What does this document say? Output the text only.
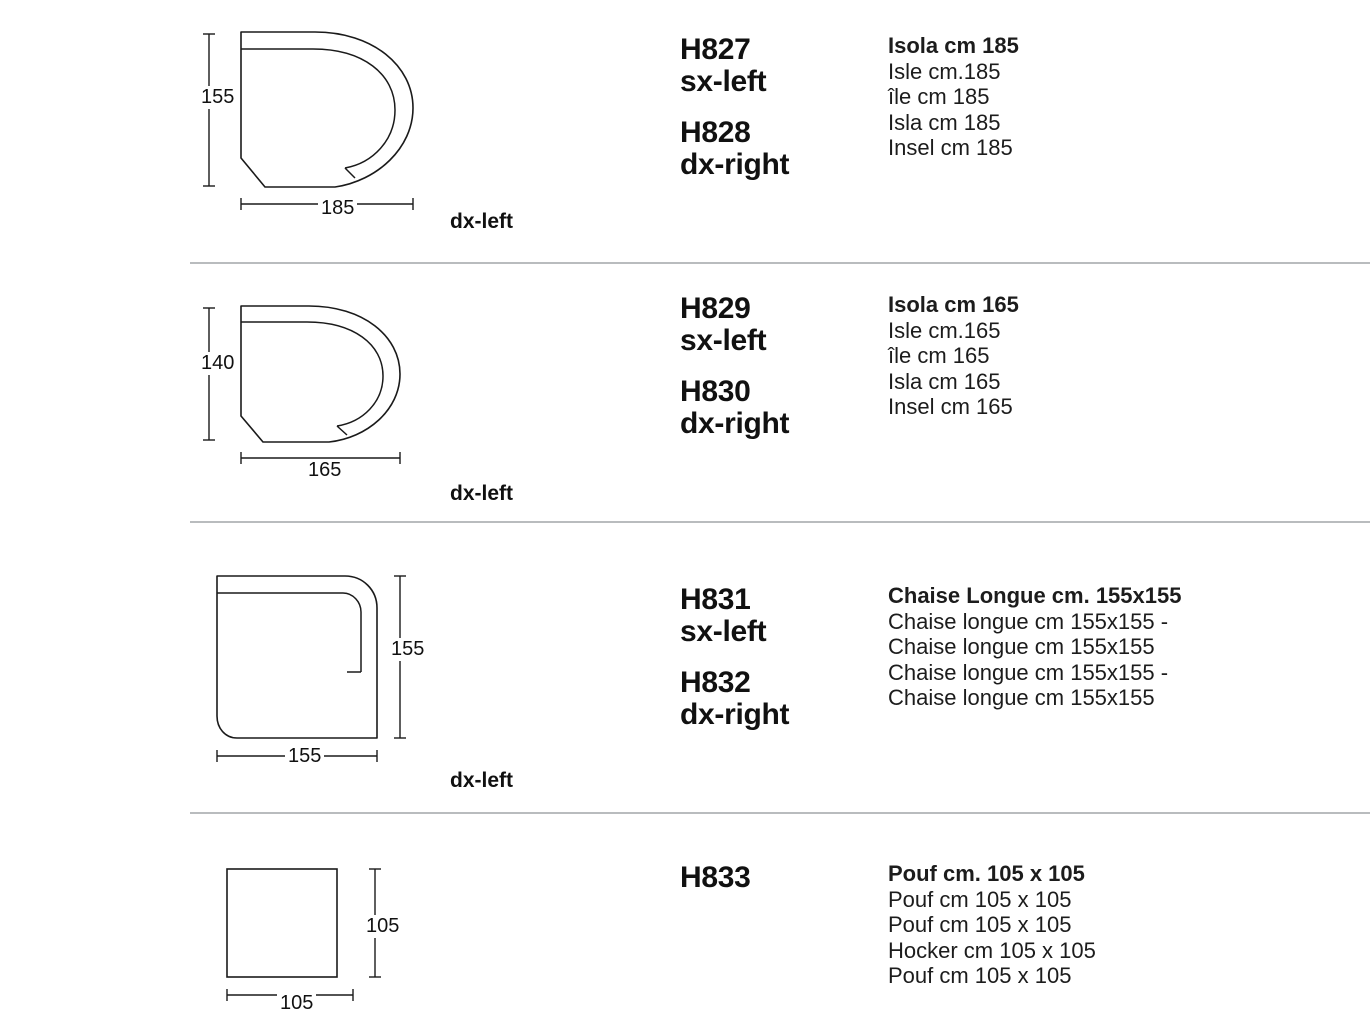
155
185
H827
sx-left
H828
dx-right
dx-left
Isola cm 185
Isle cm.185
île cm 185
Isla cm 185
Insel cm 185
140
165
H829
sx-left
H830
dx-right
dx-left
Isola cm 165
Isle cm.165
île cm 165
Isla cm 165
Insel cm 165
155
155
H831
sx-left
H832
dx-right
dx-left
Chaise Longue cm. 155x155
Chaise longue cm 155x155 - Chaise longue cm 155x155
Chaise longue cm 155x155 - Chaise longue cm 155x155
105
105
H833	Pouf cm. 105 x 105
Pouf cm 105 x 105
Pouf cm 105 x 105
Hocker cm 105 x 105
Pouf cm 105 x 105
